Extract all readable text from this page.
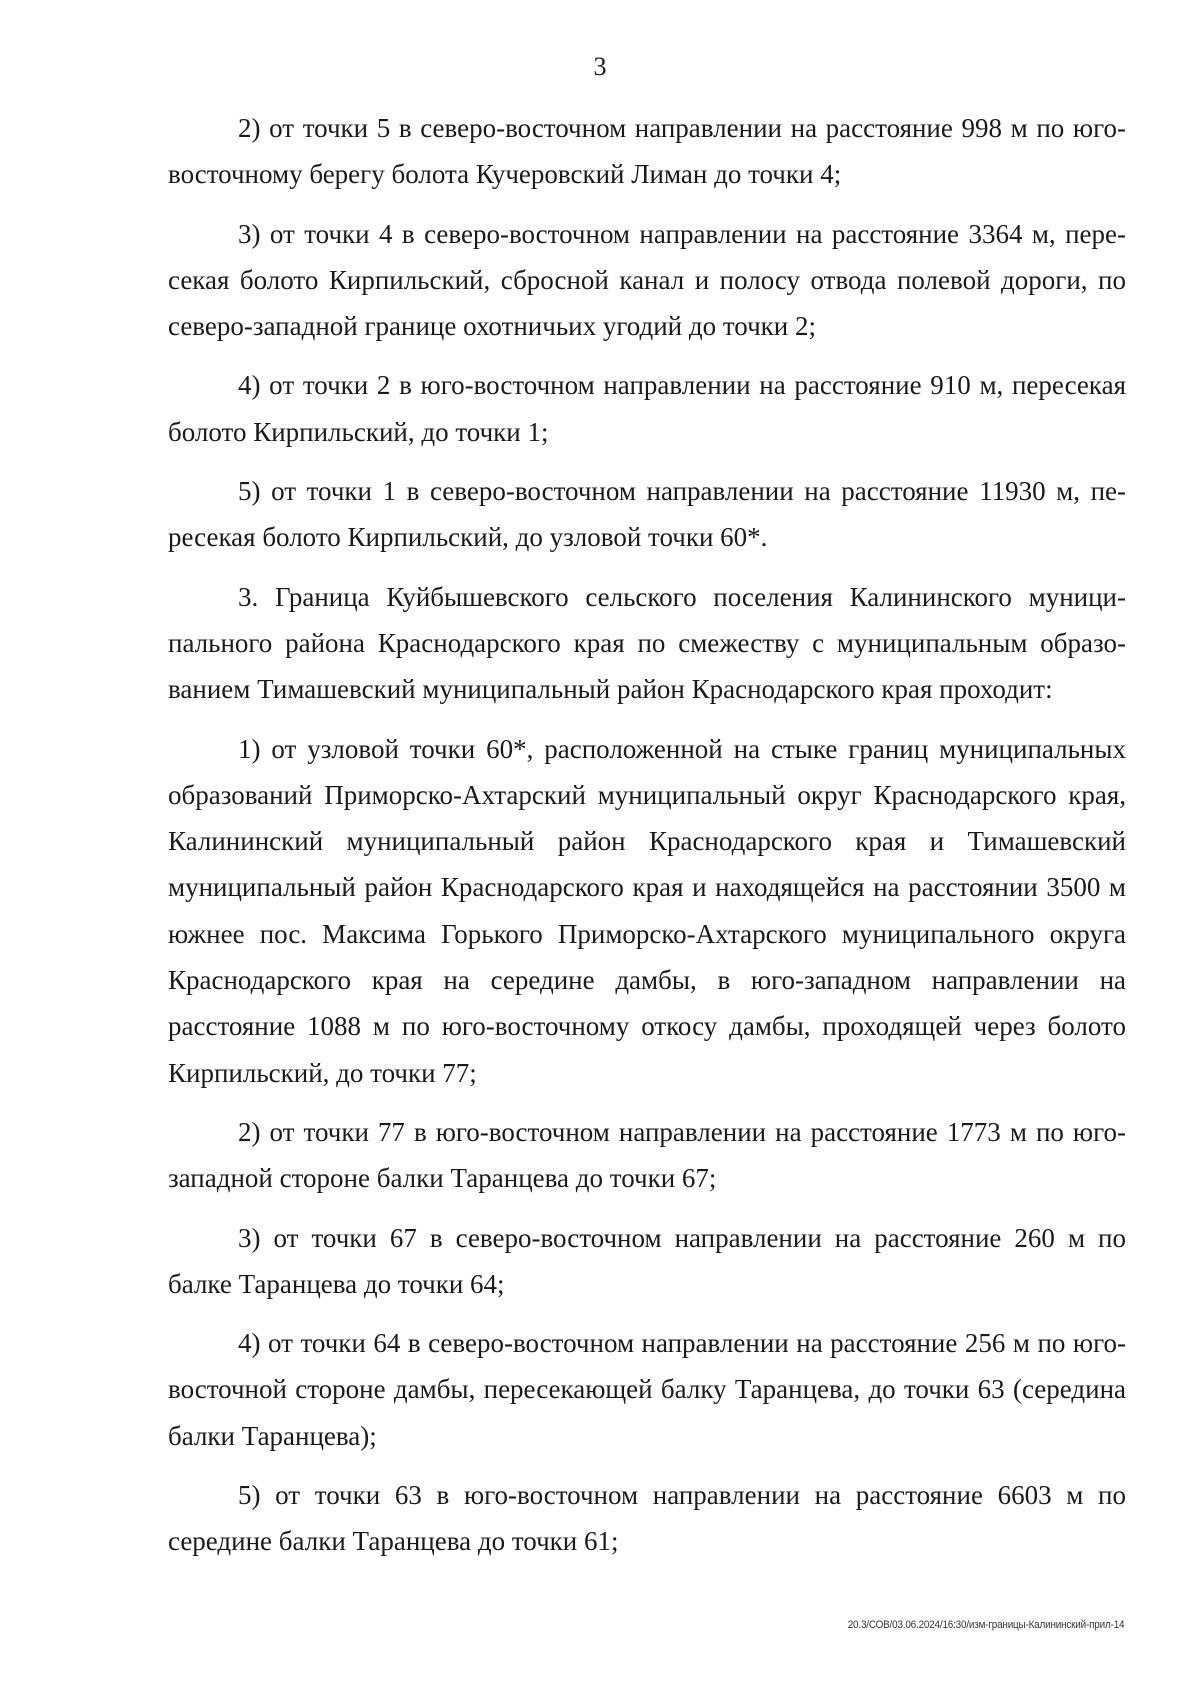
3

2) от точки 5 в северо-восточном направлении на расстояние 998 м по юго-восточному берегу болота Кучеровский Лиман до точки 4;

3) от точки 4 в северо-восточном направлении на расстояние 3364 м, пересекая болото Кирпильский, сбросной канал и полосу отвода полевой дороги, по северо-западной границе охотничьих угодий до точки 2;

4) от точки 2 в юго-восточном направлении на расстояние 910 м, пересекая болото Кирпильский, до точки 1;

5) от точки 1 в северо-восточном направлении на расстояние 11930 м, пересекая болото Кирпильский, до узловой точки 60*.

3. Граница Куйбышевского сельского поселения Калининского муниципального района Краснодарского края по смежеству с муниципальным образованием Тимашевский муниципальный район Краснодарского края проходит:

1) от узловой точки 60*, расположенной на стыке границ муниципальных образований Приморско-Ахтарский муниципальный округ Краснодарского края, Калининский муниципальный район Краснодарского края и Тимашевский муниципальный район Краснодарского края и находящейся на расстоянии 3500 м южнее пос. Максима Горького Приморско-Ахтарского муниципального округа Краснодарского края на середине дамбы, в юго-западном направлении на расстояние 1088 м по юго-восточному откосу дамбы, проходящей через болото Кирпильский, до точки 77;

2) от точки 77 в юго-восточном направлении на расстояние 1773 м по юго-западной стороне балки Таранцева до точки 67;

3) от точки 67 в северо-восточном направлении на расстояние 260 м по балке Таранцева до точки 64;

4) от точки 64 в северо-восточном направлении на расстояние 256 м по юго-восточной стороне дамбы, пересекающей балку Таранцева, до точки 63 (середина балки Таранцева);

5) от точки 63 в юго-восточном направлении на расстояние 6603 м по середине балки Таранцева до точки 61;

20.3/СОВ/03.06.2024/16:30/изм-границы-Калининский-прил-14
